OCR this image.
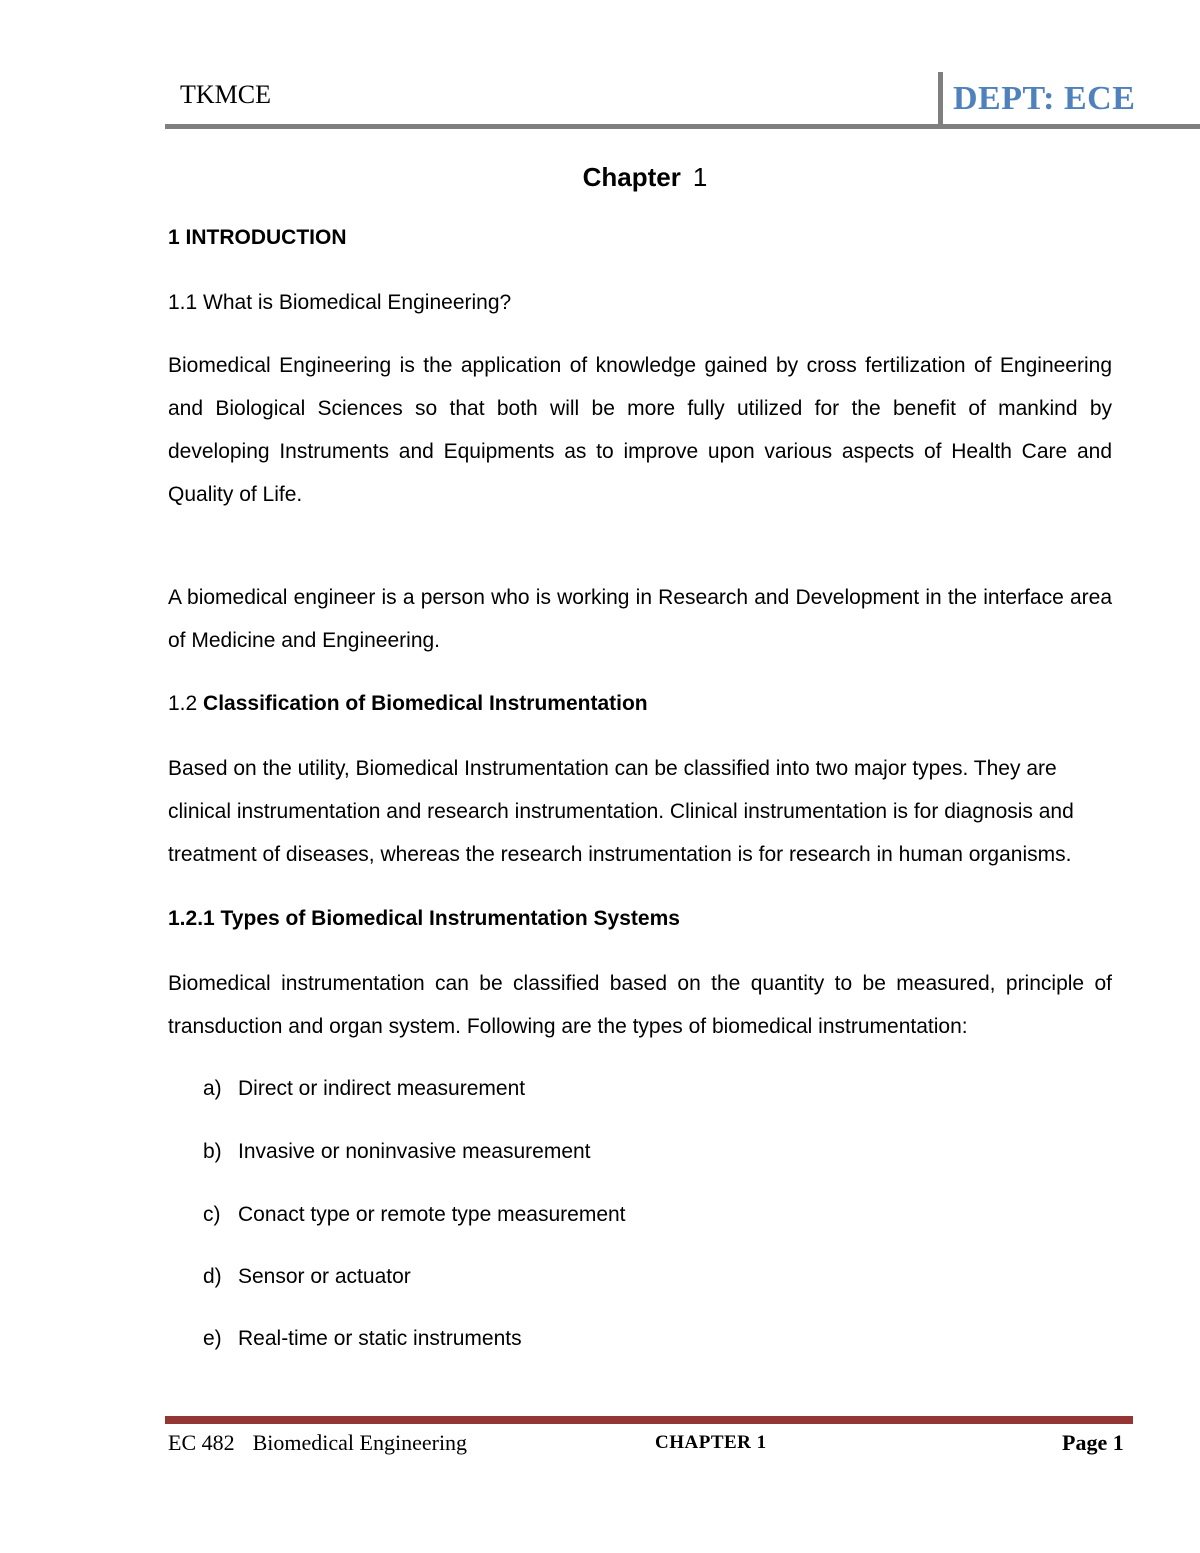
TKMCE	DEPT: ECE
Chapter 1
1 INTRODUCTION
1.1 What is Biomedical Engineering?
Biomedical Engineering is the application of knowledge gained by cross fertilization of Engineering and Biological Sciences so that both will be more fully utilized for the benefit of mankind by developing Instruments and Equipments as to improve upon various aspects of Health Care and Quality of Life.
A biomedical engineer is a person who is working in Research and Development in the interface area of Medicine and Engineering.
1.2 Classification of Biomedical Instrumentation
Based on the utility, Biomedical Instrumentation can be classified into two major types. They are clinical instrumentation and research instrumentation. Clinical instrumentation is for diagnosis and treatment of diseases, whereas the research instrumentation is for research in human organisms.
1.2.1 Types of Biomedical Instrumentation Systems
Biomedical instrumentation can be classified based on the quantity to be measured, principle of transduction and organ system. Following are the types of biomedical instrumentation:
a) Direct or indirect measurement
b) Invasive or noninvasive measurement
c) Conact type or remote type measurement
d) Sensor or actuator
e) Real-time or static instruments
EC 482 Biomedical Engineering	CHAPTER 1	Page 1
